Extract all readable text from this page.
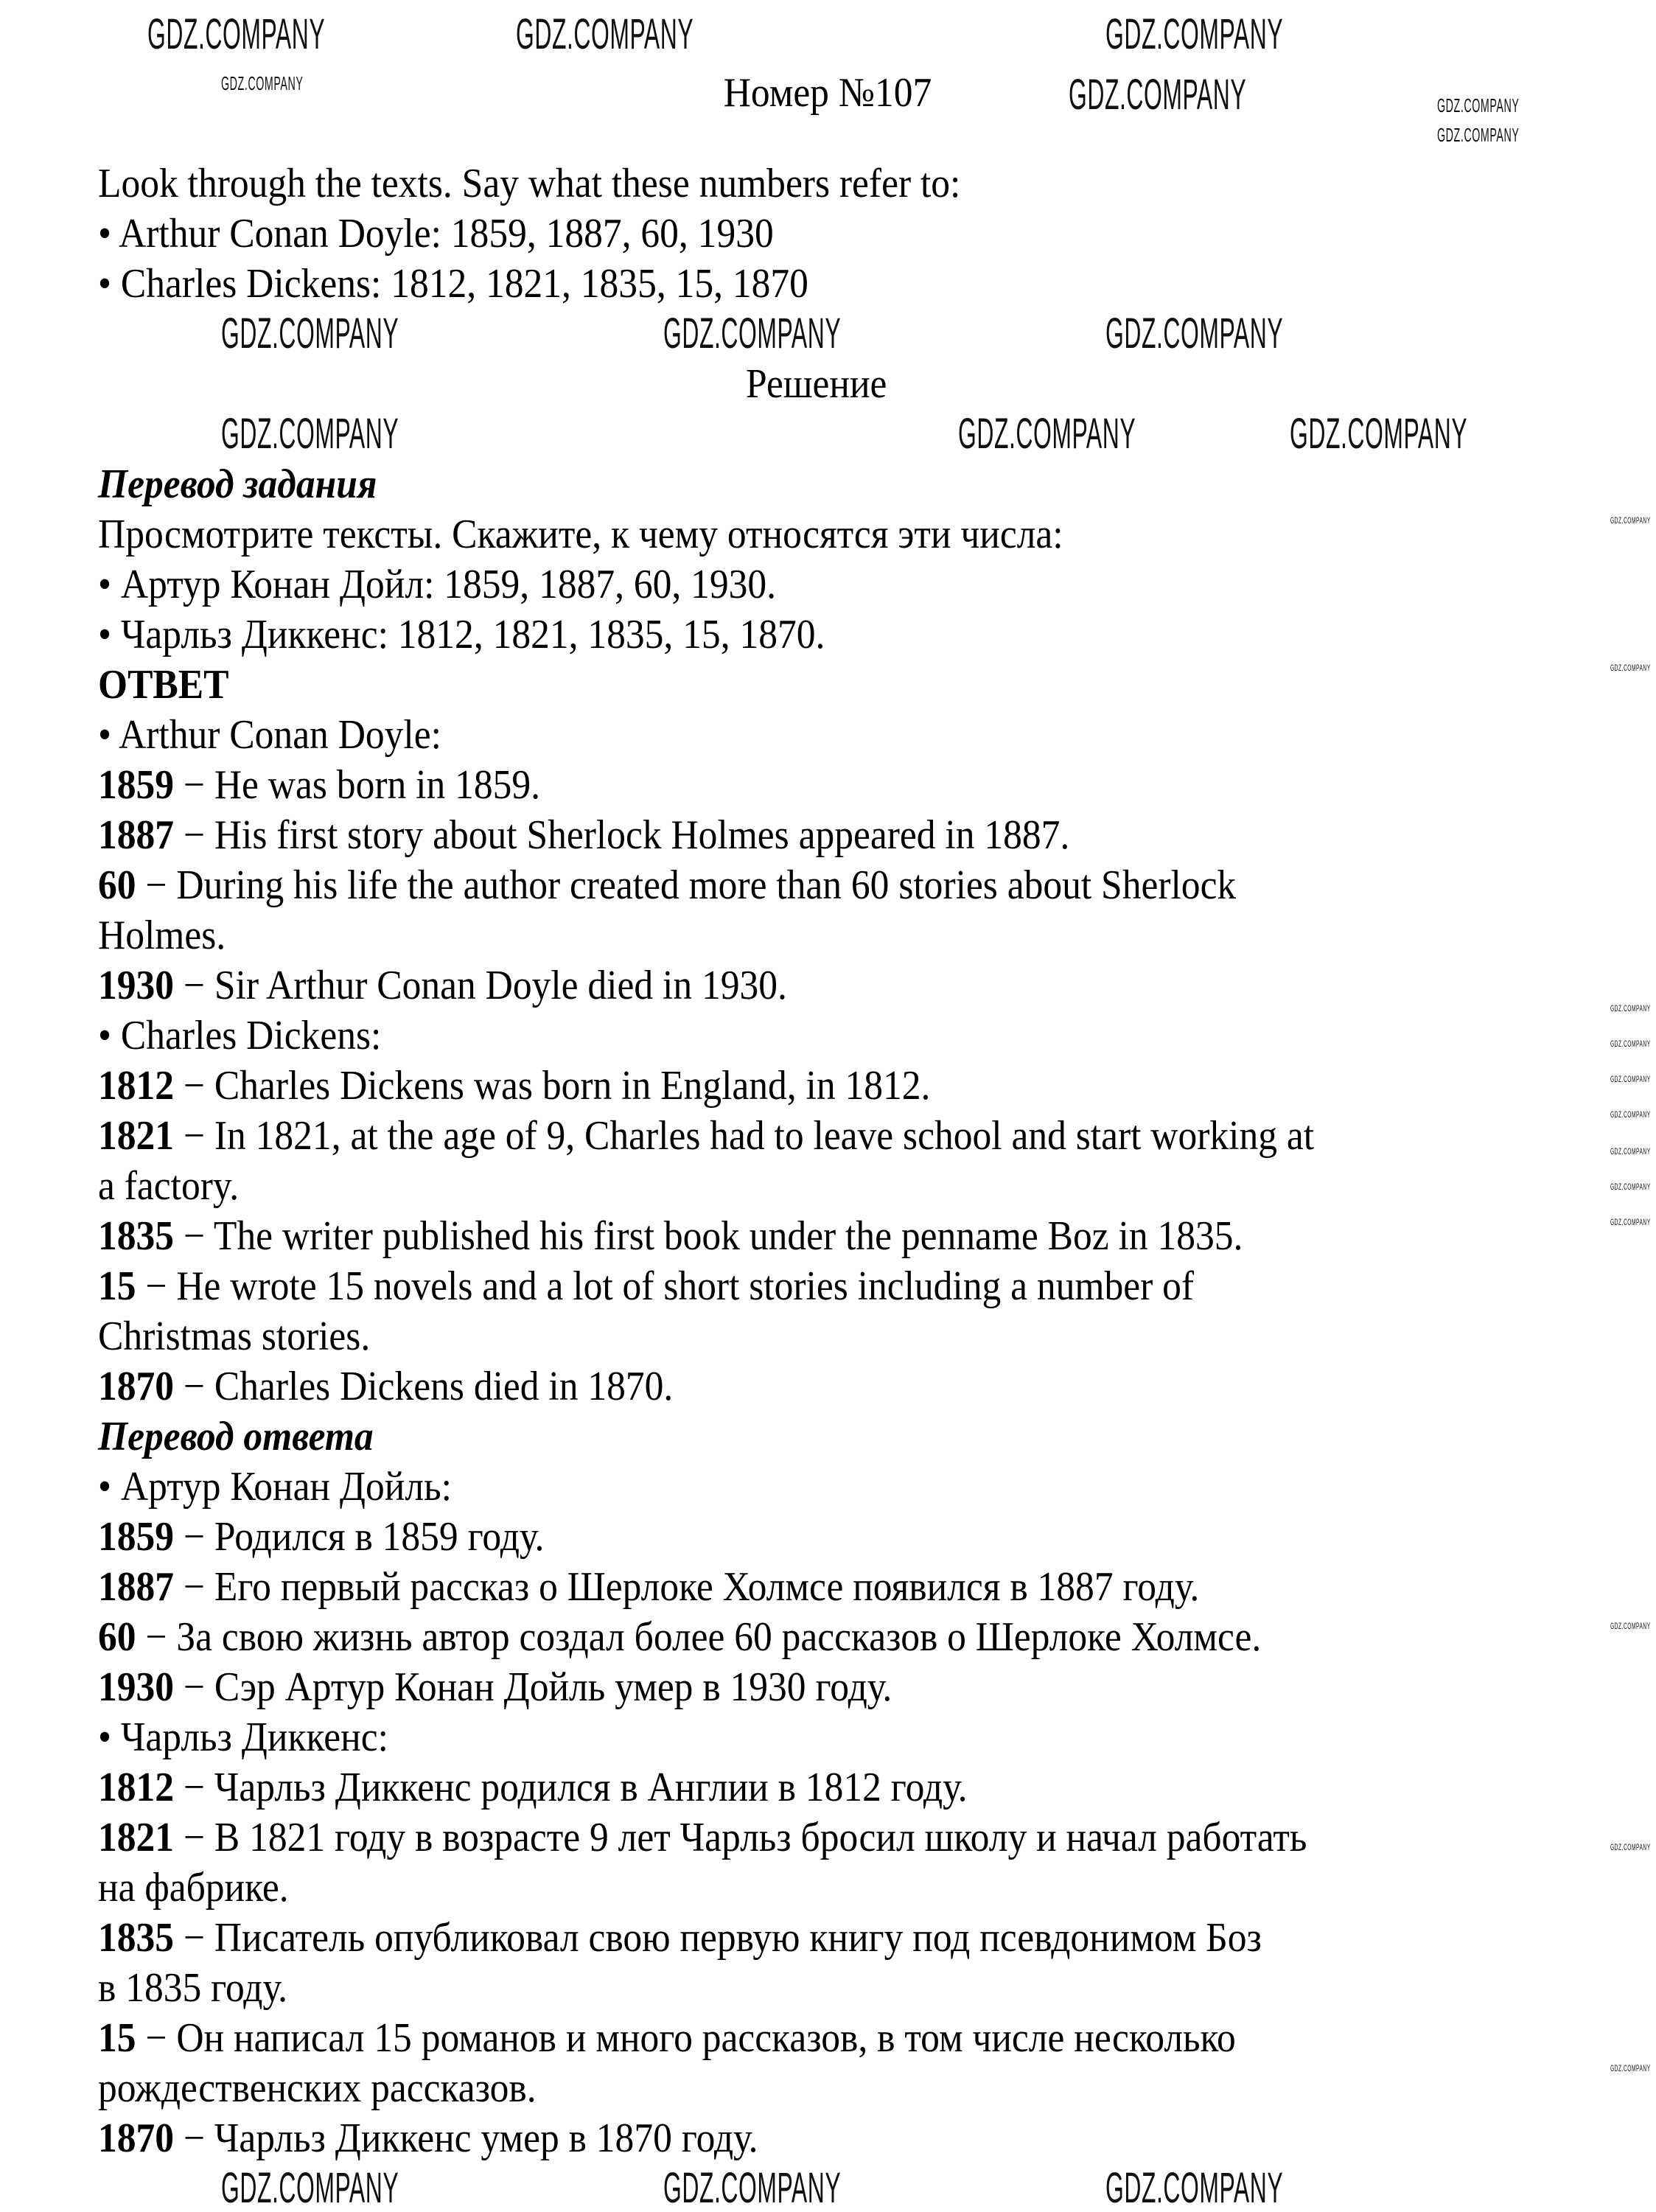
Номер №107
Look through the texts. Say what these numbers refer to:
• Arthur Conan Doyle: 1859, 1887, 60, 1930
• Charles Dickens: 1812, 1821, 1835, 15, 1870
Решение
Перевод задания
Просмотрите тексты. Скажите, к чему относятся эти числа:
• Артур Конан Дойл: 1859, 1887, 60, 1930.
• Чарльз Диккенс: 1812, 1821, 1835, 15, 1870.
ОТВЕТ
• Arthur Conan Doyle:
1859 − He was born in 1859.
1887 − His first story about Sherlock Holmes appeared in 1887.
60 − During his life the author created more than 60 stories about Sherlock
Holmes.
1930 − Sir Arthur Conan Doyle died in 1930.
• Charles Dickens:
1812 − Charles Dickens was born in England, in 1812.
1821 − In 1821, at the age of 9, Charles had to leave school and start working at
a factory.
1835 − The writer published his first book under the penname Boz in 1835.
15 − He wrote 15 novels and a lot of short stories including a number of
Christmas stories.
1870 − Charles Dickens died in 1870.
Перевод ответа
• Артур Конан Дойль:
1859 − Родился в 1859 году.
1887 − Его первый рассказ о Шерлоке Холмсе появился в 1887 году.
60 − За свою жизнь автор создал более 60 рассказов о Шерлоке Холмсе.
1930 − Сэр Артур Конан Дойль умер в 1930 году.
• Чарльз Диккенс:
1812 − Чарльз Диккенс родился в Англии в 1812 году.
1821 − В 1821 году в возрасте 9 лет Чарльз бросил школу и начал работать
на фабрике.
1835 − Писатель опубликовал свою первую книгу под псевдонимом Боз
в 1835 году.
15 − Он написал 15 романов и много рассказов, в том числе несколько
рождественских рассказов.
1870 − Чарльз Диккенс умер в 1870 году.
GDZ.COMPANY	GDZ.COMPANY	GDZ.COMPANY
GDZ.COMPANY
GDZ.COMPANY
GDZ.COMPANY	GDZ.COMPANY	GDZ.COMPANY
GDZ.COMPANY	GDZ.COMPANY	GDZ.COMPANY
GDZ.COMPANY	GDZ.COMPANY	GDZ.COMPANY
GDZ.COMPANY
GDZ.COMPANY
GDZ.COMPANY
GDZ.COMPANY
GDZ.COMPANY
GDZ.COMPANY
GDZ.COMPANY
GDZ.COMPANY
GDZ.COMPANY
GDZ.COMPANY
GDZ.COMPANY
GDZ.COMPANY
GDZ.COMPANY
GDZ.COMPANY
